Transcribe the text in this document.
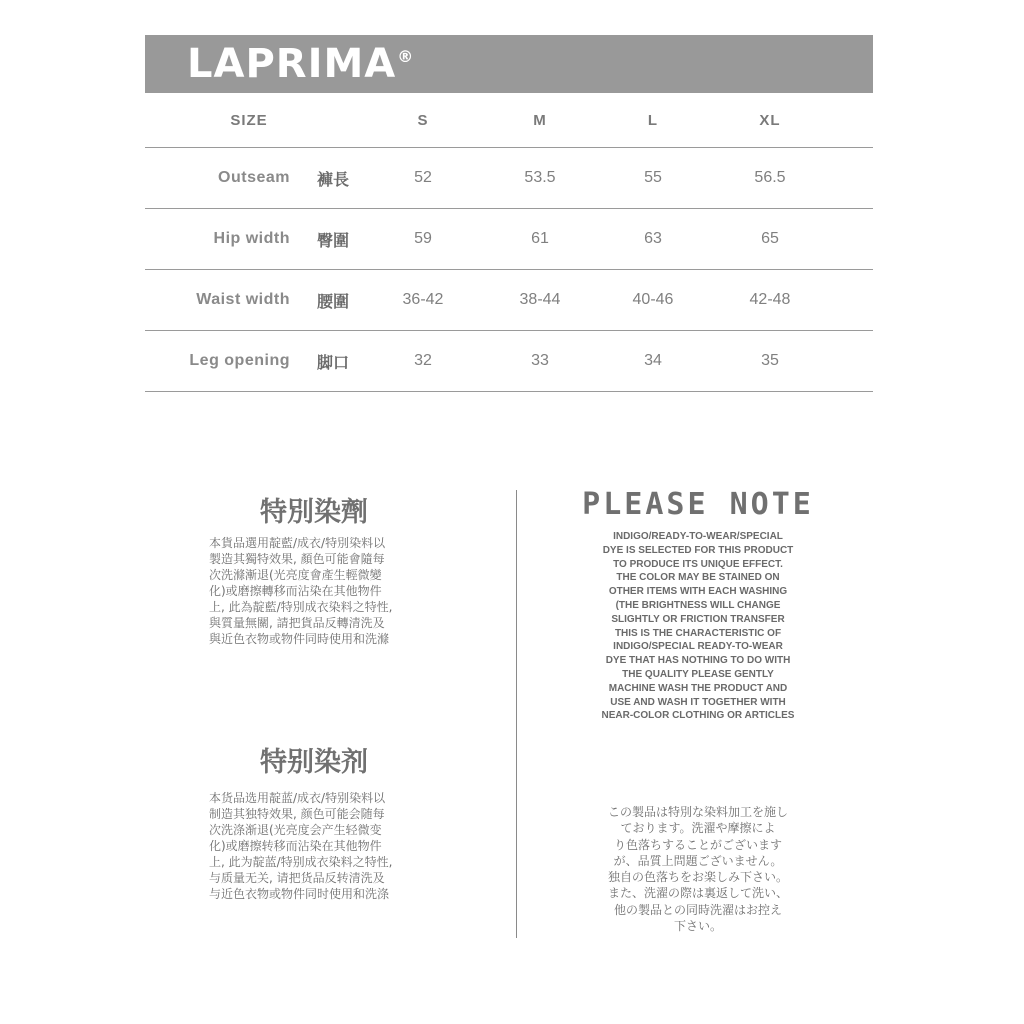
LAPRIMA®
SIZE	S	M	L	XL
Outseam 褲長	52	53.5	55	56.5
Hip width 臀圍	59	61	63	65
Waist width 腰圍	36-42	38-44	40-46	42-48
Leg opening 脚口	32	33	34	35
特別染劑
本貨品選用靛藍/成衣/特別染料以
製造其獨特效果, 顏色可能會隨每
次洗滌漸退(光亮度會產生輕微變
化)或磨擦轉移而沾染在其他物件
上, 此為靛藍/特別成衣染料之特性,
與質量無關, 請把貨品反轉清洗及
與近色衣物或物件同時使用和洗滌
特别染剂
本货品选用靛蓝/成衣/特别染料以
制造其独特效果, 颜色可能会随每
次洗涤渐退(光亮度会产生轻微变
化)或磨擦转移而沾染在其他物件
上, 此为靛蓝/特别成衣染料之特性,
与质量无关, 请把货品反转清洗及
与近色衣物或物件同时使用和洗涤
PLEASE NOTE
INDIGO/READY-TO-WEAR/SPECIAL
DYE IS SELECTED FOR THIS PRODUCT
TO PRODUCE ITS UNIQUE EFFECT.
THE COLOR MAY BE STAINED ON
OTHER ITEMS WITH EACH WASHING
(THE BRIGHTNESS WILL CHANGE
SLIGHTLY OR FRICTION TRANSFER
THIS IS THE CHARACTERISTIC OF
INDIGO/SPECIAL READY-TO-WEAR
DYE THAT HAS NOTHING TO DO WITH
THE QUALITY PLEASE GENTLY
MACHINE WASH THE PRODUCT AND
USE AND WASH IT TOGETHER WITH
NEAR-COLOR CLOTHING OR ARTICLES
この製品は特別な染料加工を施し
ております。洗濯や摩擦によ
り色落ちすることがございます
が、品質上問題ございません。
独自の色落ちをお楽しみ下さい。
また、洗濯の際は裏返して洗い、
他の製品との同時洗濯はお控え
下さい。
